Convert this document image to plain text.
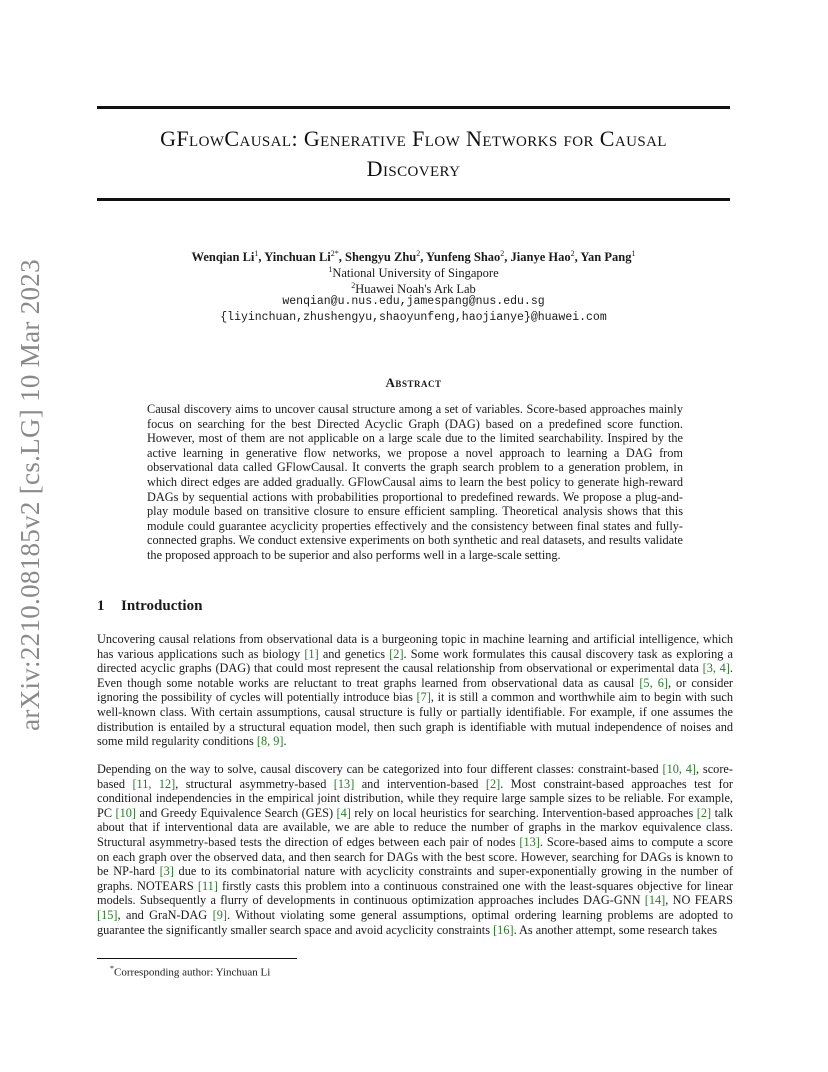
arXiv:2210.08185v2 [cs.LG] 10 Mar 2023
GFlowCausal: Generative Flow Networks for Causal
Discovery
Wenqian Li$^1$, Yinchuan $Li^{2*}$, Shengyu Zhu$^2$, Yunfeng Shao$^2$, Jianye Hao$^2$, Yan Pang$^1$
$^1$National University of Singapore
$^2$Huawei Noah's Ark Lab
wenqian@u.nus.edu,jamespang@nus.edu.sg
{liyinchuan,zhushengyu,shaoyunfeng,haojianye}@huawei.com
Abstract
Causal discovery aims to uncover causal structure among a set of variables. Score-based approaches mainly focus on searching for the best Directed Acyclic Graph (DAG) based on a predefined score function. However, most of them are not applicable on a large scale due to the limited searchability. Inspired by the active learning in generative flow networks, we propose a novel approach to learning a DAG from observational data called GFlowCausal. It converts the graph search problem to a generation problem, in which direct edges are added gradually. GFlowCausal aims to learn the best policy to generate high-reward DAGs by sequential actions with probabilities proportional to predefined rewards. We propose a plug-and-play module based on transitive closure to ensure efficient sampling. Theoretical analysis shows that this module could guarantee acyclicity properties effectively and the consistency between final states and fully-connected graphs. We conduct extensive experiments on both synthetic and real datasets, and results validate the proposed approach to be superior and also performs well in a large-scale setting.
1 Introduction
Uncovering causal relations from observational data is a burgeoning topic in machine learning and artificial intelligence, which has various applications such as biology [1] and genetics [2]. Some work formulates this causal discovery task as exploring a directed acyclic graphs (DAG) that could most represent the causal relationship from observational or experimental data [3, 4]. Even though some notable works are reluctant to treat graphs learned from observational data as causal [5, 6], or consider ignoring the possibility of cycles will potentially introduce bias [7], it is still a common and worthwhile aim to begin with such well-known class. With certain assumptions, causal structure is fully or partially identifiable. For example, if one assumes the distribution is entailed by a structural equation model, then such graph is identifiable with mutual independence of noises and some mild regularity conditions [8, 9].
Depending on the way to solve, causal discovery can be categorized into four different classes: constraint-based [10, 4], score-based [11, 12], structural asymmetry-based [13] and intervention-based [2]. Most constraint-based approaches test for conditional independencies in the empirical joint distribution, while they require large sample sizes to be reliable. For example, PC [10] and Greedy Equivalence Search (GES) [4] rely on local heuristics for searching. Intervention-based approaches [2] talk about that if interventional data are available, we are able to reduce the number of graphs in the markov equivalence class. Structural asymmetry-based tests the direction of edges between each pair of nodes [13]. Score-based aims to compute a score on each graph over the observed data, and then search for DAGs with the best score. However, searching for DAGs is known to be NP-hard [3] due to its combinatorial nature with acyclicity constraints and super-exponentially growing in the number of graphs. NOTEARS [11] firstly casts this problem into a continuous constrained one with the least-squares objective for linear models. Subsequently a flurry of developments in continuous optimization approaches includes DAG-GNN [14], NO FEARS [15], and GraN-DAG [9]. Without violating some general assumptions, optimal ordering learning problems are adopted to guarantee the significantly smaller search space and avoid acyclicity constraints [16]. As another attempt, some research takes
*Corresponding author: Yinchuan Li
